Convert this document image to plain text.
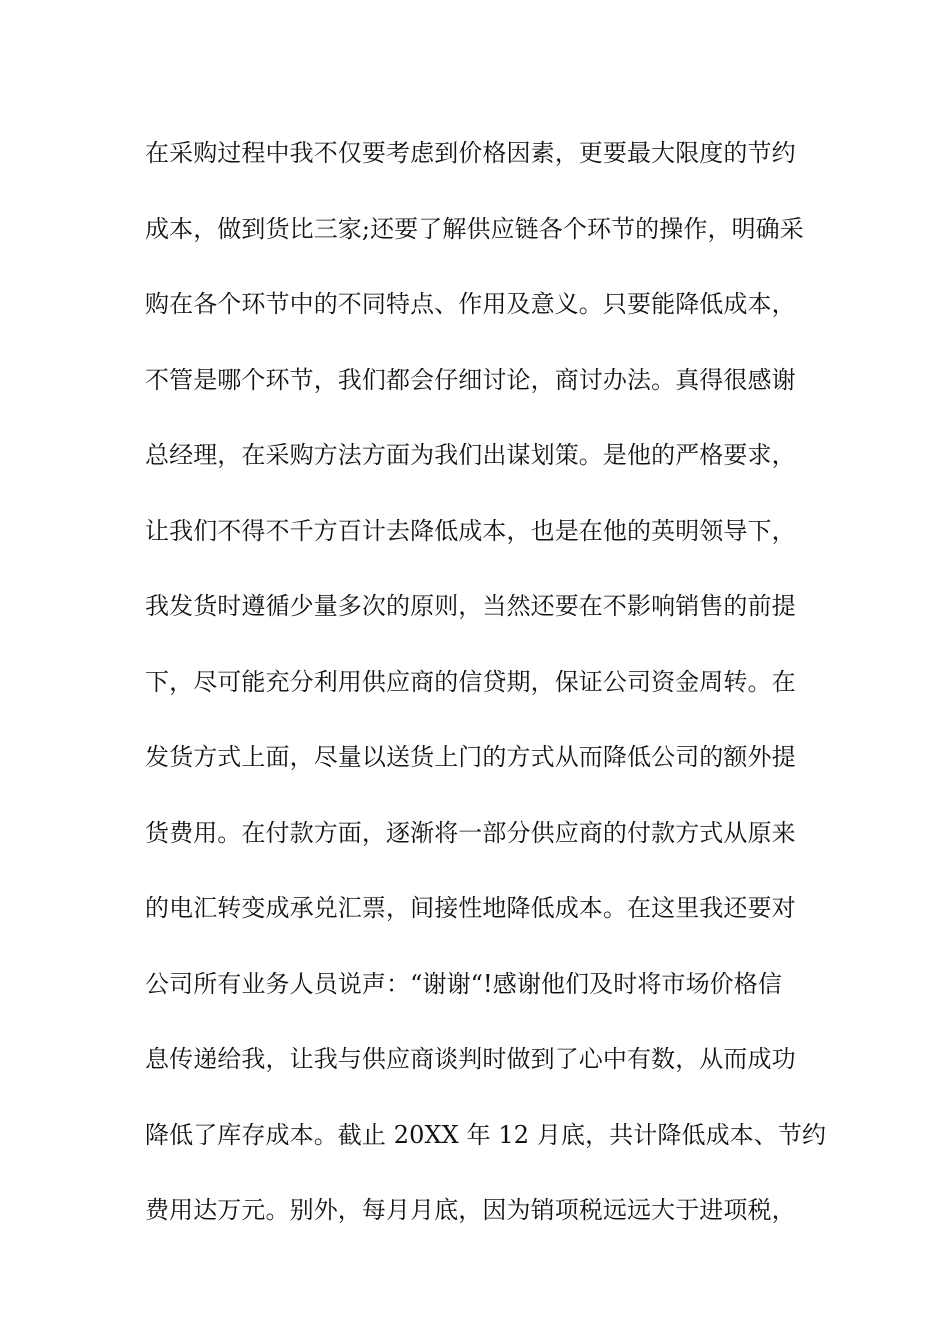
在采购过程中我不仅要考虑到价格因素，更要最大限度的节约
成本，做到货比三家;还要了解供应链各个环节的操作，明确采
购在各个环节中的不同特点、作用及意义。只要能降低成本，
不管是哪个环节，我们都会仔细讨论，商讨办法。真得很感谢
总经理，在采购方法方面为我们出谋划策。是他的严格要求，
让我们不得不千方百计去降低成本，也是在他的英明领导下，
我发货时遵循少量多次的原则，当然还要在不影响销售的前提
下，尽可能充分利用供应商的信贷期，保证公司资金周转。在
发货方式上面，尽量以送货上门的方式从而降低公司的额外提
货费用。在付款方面，逐渐将一部分供应商的付款方式从原来
的电汇转变成承兑汇票，间接性地降低成本。在这里我还要对
公司所有业务人员说声：“谢谢“!感谢他们及时将市场价格信
息传递给我，让我与供应商谈判时做到了心中有数，从而成功
降低了库存成本。截止 20XX 年 12 月底，共计降低成本、节约
费用达万元。别外，每月月底，因为销项税远远大于进项税，
